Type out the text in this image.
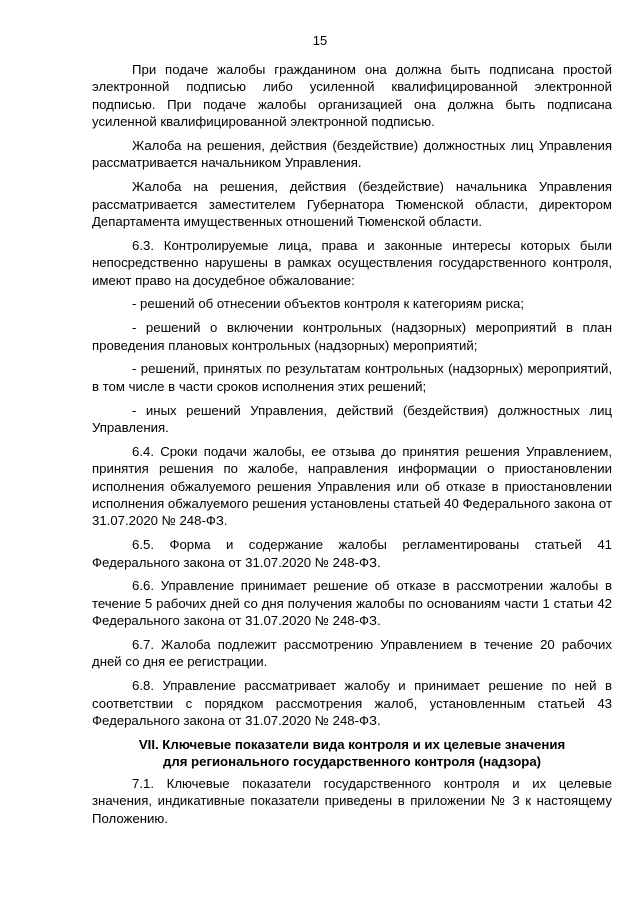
15

При подаче жалобы гражданином она должна быть подписана простой электронной подписью либо усиленной квалифицированной электронной подписью. При подаче жалобы организацией она должна быть подписана усиленной квалифицированной электронной подписью.

Жалоба на решения, действия (бездействие) должностных лиц Управления рассматривается начальником Управления.

Жалоба на решения, действия (бездействие) начальника Управления рассматривается заместителем Губернатора Тюменской области, директором Департамента имущественных отношений Тюменской области.

6.3. Контролируемые лица, права и законные интересы которых были непосредственно нарушены в рамках осуществления государственного контроля, имеют право на досудебное обжалование:

- решений об отнесении объектов контроля к категориям риска;

- решений о включении контрольных (надзорных) мероприятий в план проведения плановых контрольных (надзорных) мероприятий;

- решений, принятых по результатам контрольных (надзорных) мероприятий, в том числе в части сроков исполнения этих решений;

- иных решений Управления, действий (бездействия) должностных лиц Управления.

6.4. Сроки подачи жалобы, ее отзыва до принятия решения Управлением, принятия решения по жалобе, направления информации о приостановлении исполнения обжалуемого решения Управления или об отказе в приостановлении исполнения обжалуемого решения установлены статьей 40 Федерального закона от 31.07.2020 № 248-ФЗ.

6.5. Форма и содержание жалобы регламентированы статьей 41 Федерального закона от 31.07.2020 № 248-ФЗ.

6.6. Управление принимает решение об отказе в рассмотрении жалобы в течение 5 рабочих дней со дня получения жалобы по основаниям части 1 статьи 42 Федерального закона от 31.07.2020 № 248-ФЗ.

6.7. Жалоба подлежит рассмотрению Управлением в течение 20 рабочих дней со дня ее регистрации.

6.8. Управление рассматривает жалобу и принимает решение по ней в соответствии с порядком рассмотрения жалоб, установленным статьей 43 Федерального закона от 31.07.2020 № 248-ФЗ.

VII. Ключевые показатели вида контроля и их целевые значения
для регионального государственного контроля (надзора)

7.1. Ключевые показатели государственного контроля и их целевые значения, индикативные показатели приведены в приложении № 3 к настоящему Положению.
